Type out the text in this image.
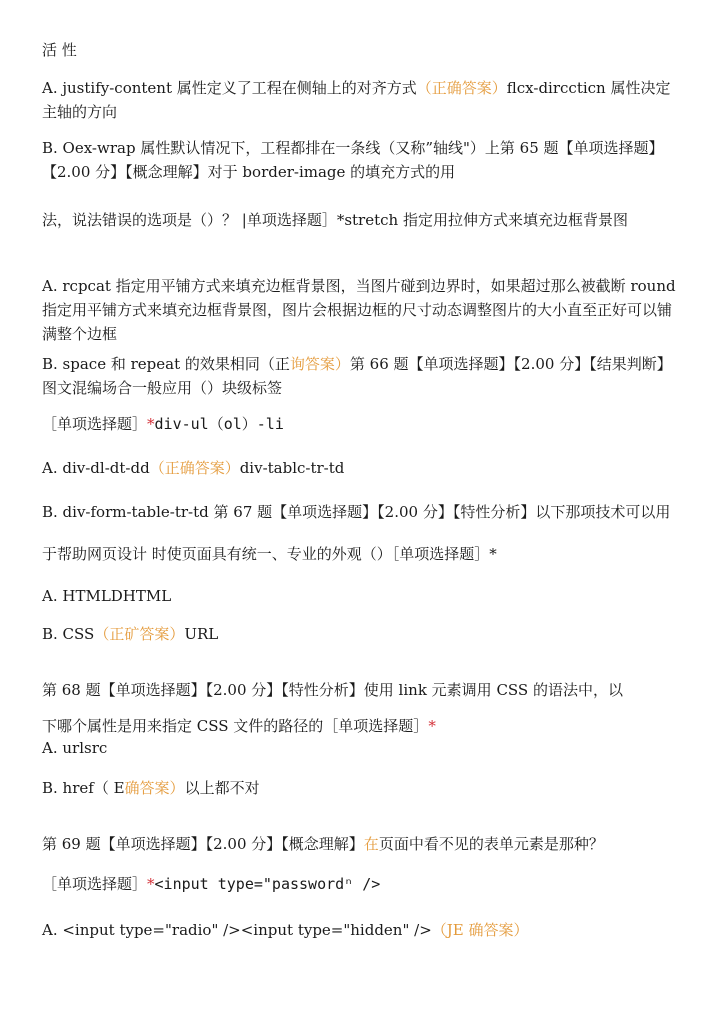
活 性

A. justify-content 属性定义了工程在侧轴上的对齐方式（正确答案）flcx-dirccticn 属性决定主轴的方向

B. Oex-wrap 属性默认情况下，工程都排在一条线（又称”轴线"）上第 65 题【单项选择题】【2.00 分】【概念理解】对于 border-image 的填充方式的用

法，说法错误的选项是（）？ |单项选择题］*stretch 指定用拉伸方式来填充边框背景图

A. rcpcat 指定用平铺方式来填充边框背景图，当图片碰到边界时，如果超过那么被截断 round 指定用平铺方式来填充边框背景图，图片会根据边框的尺寸动态调整图片的大小直至正好可以铺满整个边框

B. space 和 repeat 的效果相同（正询答案）第 66 题【单项选择题】【2.00 分】【结果判断】图文混编场合一般应用（）块级标签

［单项选择题］*div-ul（ol）-li

A. div-dl-dt-dd（正确答案）div-tablc-tr-td

B. div-form-table-tr-td 第 67 题【单项选择题】【2.00 分】【特性分析】以下那项技术可以用

于帮助网页设计 时使页面具有统一、专业的外观（）［单项选择题］*

A. HTMLDHTML

B. CSS（正矿答案）URL

第 68 题【单项选择题】【2.00 分】【特性分析】使用 link 元素调用 CSS 的语法中，以

下哪个属性是用来指定 CSS 文件的路径的［单项选择题］*

A. urlsrc

B. href（ E确答案）以上都不对

第 69 题【单项选择题】【2.00 分】【概念理解】在页面中看不见的表单元素是那种？

［单项选择题］*<input type="passwordⁿ />

A. <input type="radio" /><input type="hidden" />（JE 确答案）
